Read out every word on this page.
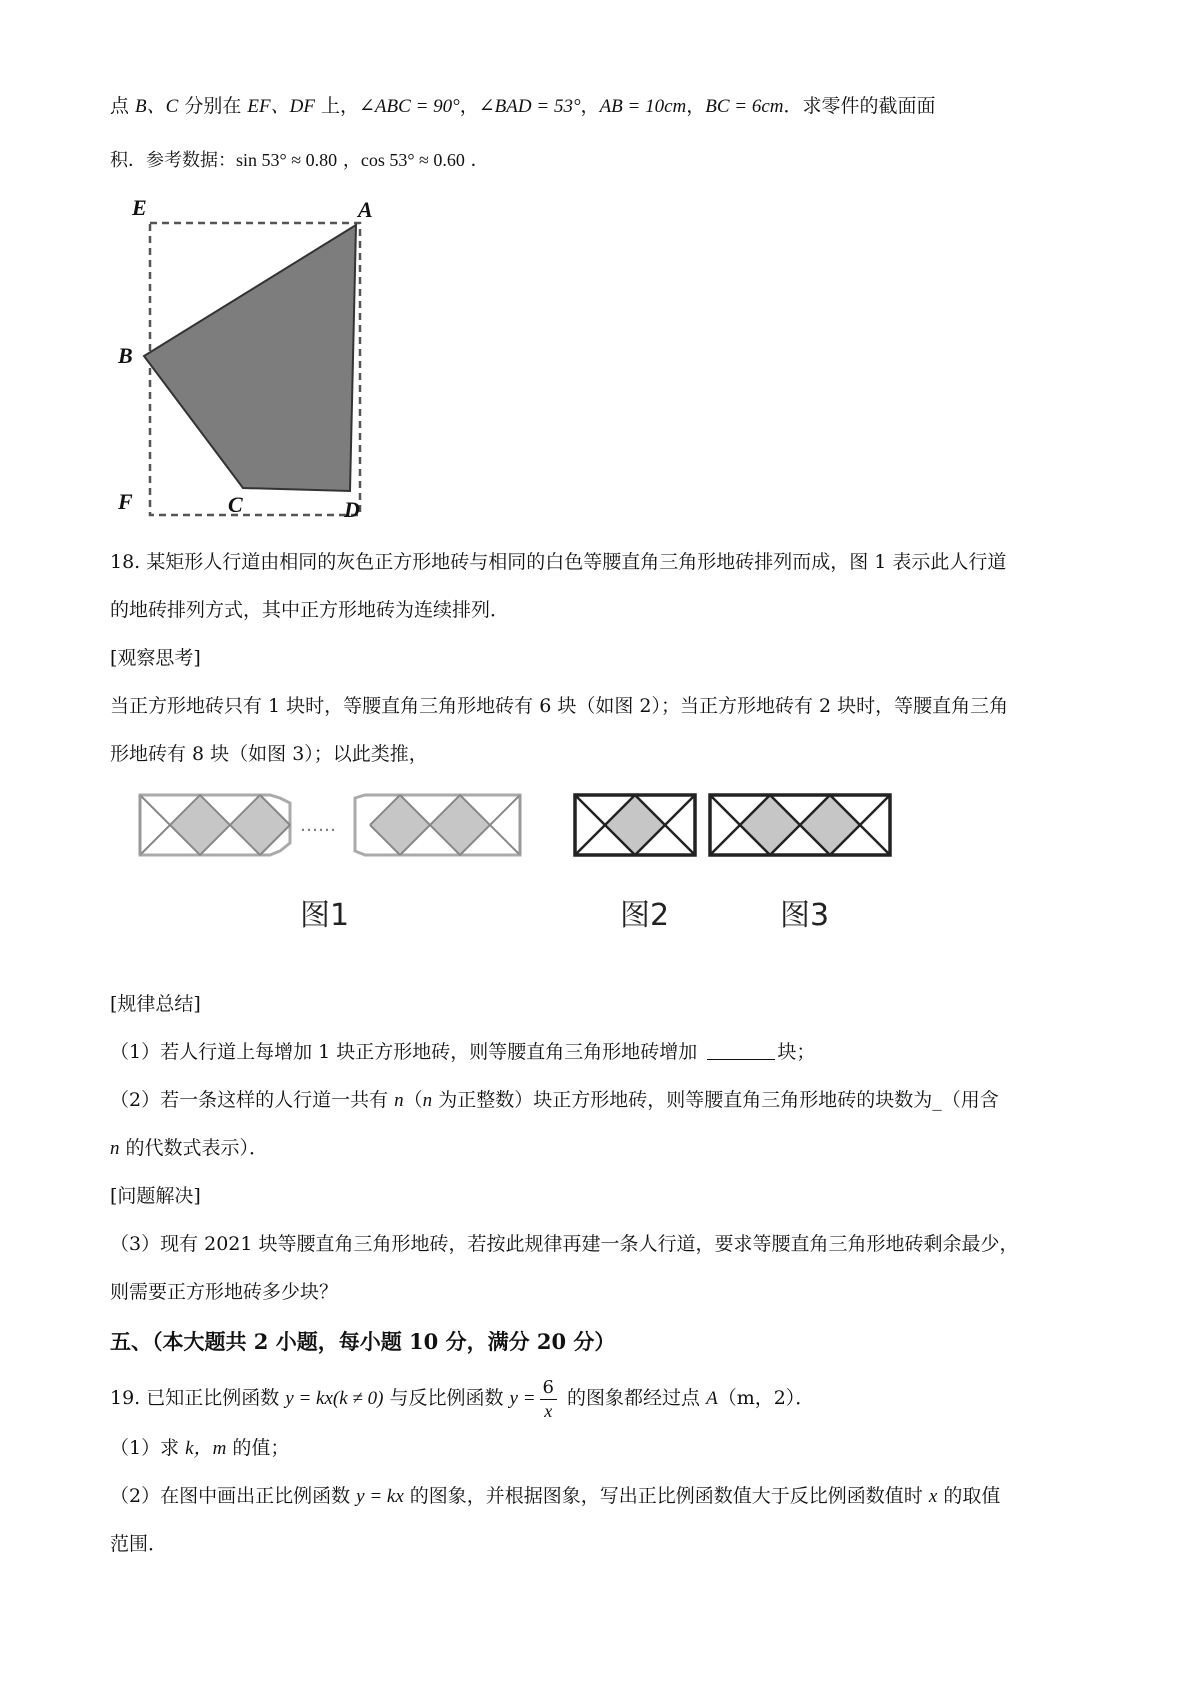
点 B、C 分别在 EF、DF 上，∠ABC = 90°，∠BAD = 53°，AB = 10cm，BC = 6cm．求零件的截面面
积．参考数据：sin 53° ≈ 0.80 ，cos 53° ≈ 0.60 ．
E	A
B
F	C	D
18. 某矩形人行道由相同的灰色正方形地砖与相同的白色等腰直角三角形地砖排列而成，图 1 表示此人行道
的地砖排列方式，其中正方形地砖为连续排列．
[观察思考]
当正方形地砖只有 1 块时，等腰直角三角形地砖有 6 块（如图 2）；当正方形地砖有 2 块时，等腰直角三角
形地砖有 8 块（如图 3）；以此类推，
……
图1	图2	图3
[规律总结]
（1）若人行道上每增加 1 块正方形地砖，则等腰直角三角形地砖增加	块；
（2）若一条这样的人行道一共有 n（n 为正整数）块正方形地砖，则等腰直角三角形地砖的块数为_（用含
n 的代数式表示）．
[问题解决]
（3）现有 2021 块等腰直角三角形地砖，若按此规律再建一条人行道，要求等腰直角三角形地砖剩余最少，
则需要正方形地砖多少块？
五、（本大题共 2 小题，每小题 10 分，满分 20 分）
19. 已知正比例函数 y = kx(k ≠ 0) 与反比例函数 $y = \frac{6}{x}$ 的图象都经过点 A（m，2）．
（1）求 k，m 的值；
（2）在图中画出正比例函数 y = kx 的图象，并根据图象，写出正比例函数值大于反比例函数值时 x 的取值
范围．
